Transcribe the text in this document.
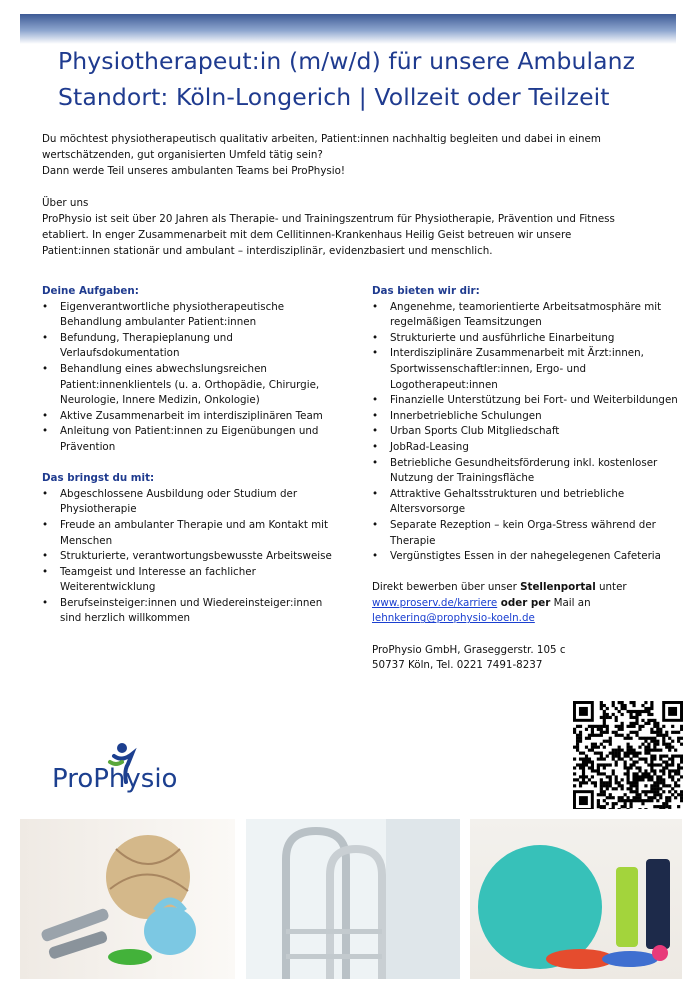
Physiotherapeut:in (m/w/d) für unsere Ambulanz
Standort: Köln-Longerich | Vollzeit oder Teilzeit

Du möchtest physiotherapeutisch qualitativ arbeiten, Patient:innen nachhaltig begleiten und dabei in einem

wertschätzenden, gut organisierten Umfeld tätig sein?

Dann werde Teil unseres ambulanten Teams bei ProPhysio!

Über uns

ProPhysio ist seit über 20 Jahren als Therapie- und Trainingszentrum für Physiotherapie, Prävention und Fitness

etabliert. In enger Zusammenarbeit mit dem Cellitinnen-Krankenhaus Heilig Geist betreuen wir unsere

Patient:innen stationär und ambulant – interdisziplinär, evidenzbasiert und menschlich.

Deine Aufgaben:

• Eigenverantwortliche physiotherapeutische Behandlung ambulanter Patient:innen
• Befundung, Therapieplanung und Verlaufsdokumentation
• Behandlung eines abwechslungsreichen Patient:innenklientels (u. a. Orthopädie, Chirurgie, Neurologie, Innere Medizin, Onkologie)
• Aktive Zusammenarbeit im interdisziplinären Team
• Anleitung von Patient:innen zu Eigenübungen und Prävention

Das bringst du mit:

• Abgeschlossene Ausbildung oder Studium der Physiotherapie
• Freude an ambulanter Therapie und am Kontakt mit Menschen
• Strukturierte, verantwortungsbewusste Arbeitsweise
• Teamgeist und Interesse an fachlicher Weiterentwicklung
• Berufseinsteiger:innen und Wiedereinsteiger:innen sind herzlich willkommen

Das bieten wir dir:

• Angenehme, teamorientierte Arbeitsatmosphäre mit regelmäßigen Teamsitzungen
• Strukturierte und ausführliche Einarbeitung
• Interdisziplinäre Zusammenarbeit mit Ärzt:innen, Sportwissenschaftler:innen, Ergo- und Logotherapeut:innen
• Finanzielle Unterstützung bei Fort- und Weiterbildungen
• Innerbetriebliche Schulungen
• Urban Sports Club Mitgliedschaft
• JobRad-Leasing
• Betriebliche Gesundheitsförderung inkl. kostenloser Nutzung der Trainingsfläche
• Attraktive Gehaltsstrukturen und betriebliche Altersvorsorge
• Separate Rezeption – kein Orga-Stress während der Therapie
• Vergünstigtes Essen in der nahegelegenen Cafeteria

Direkt bewerben über unser Stellenportal unter

www.proserv.de/karriere oder per Mail an

lehnkering@prophysio-koeln.de

ProPhysio GmbH, Graseggerstr. 105 c

50737 Köln, Tel. 0221 7491-8237

ProPhysio
